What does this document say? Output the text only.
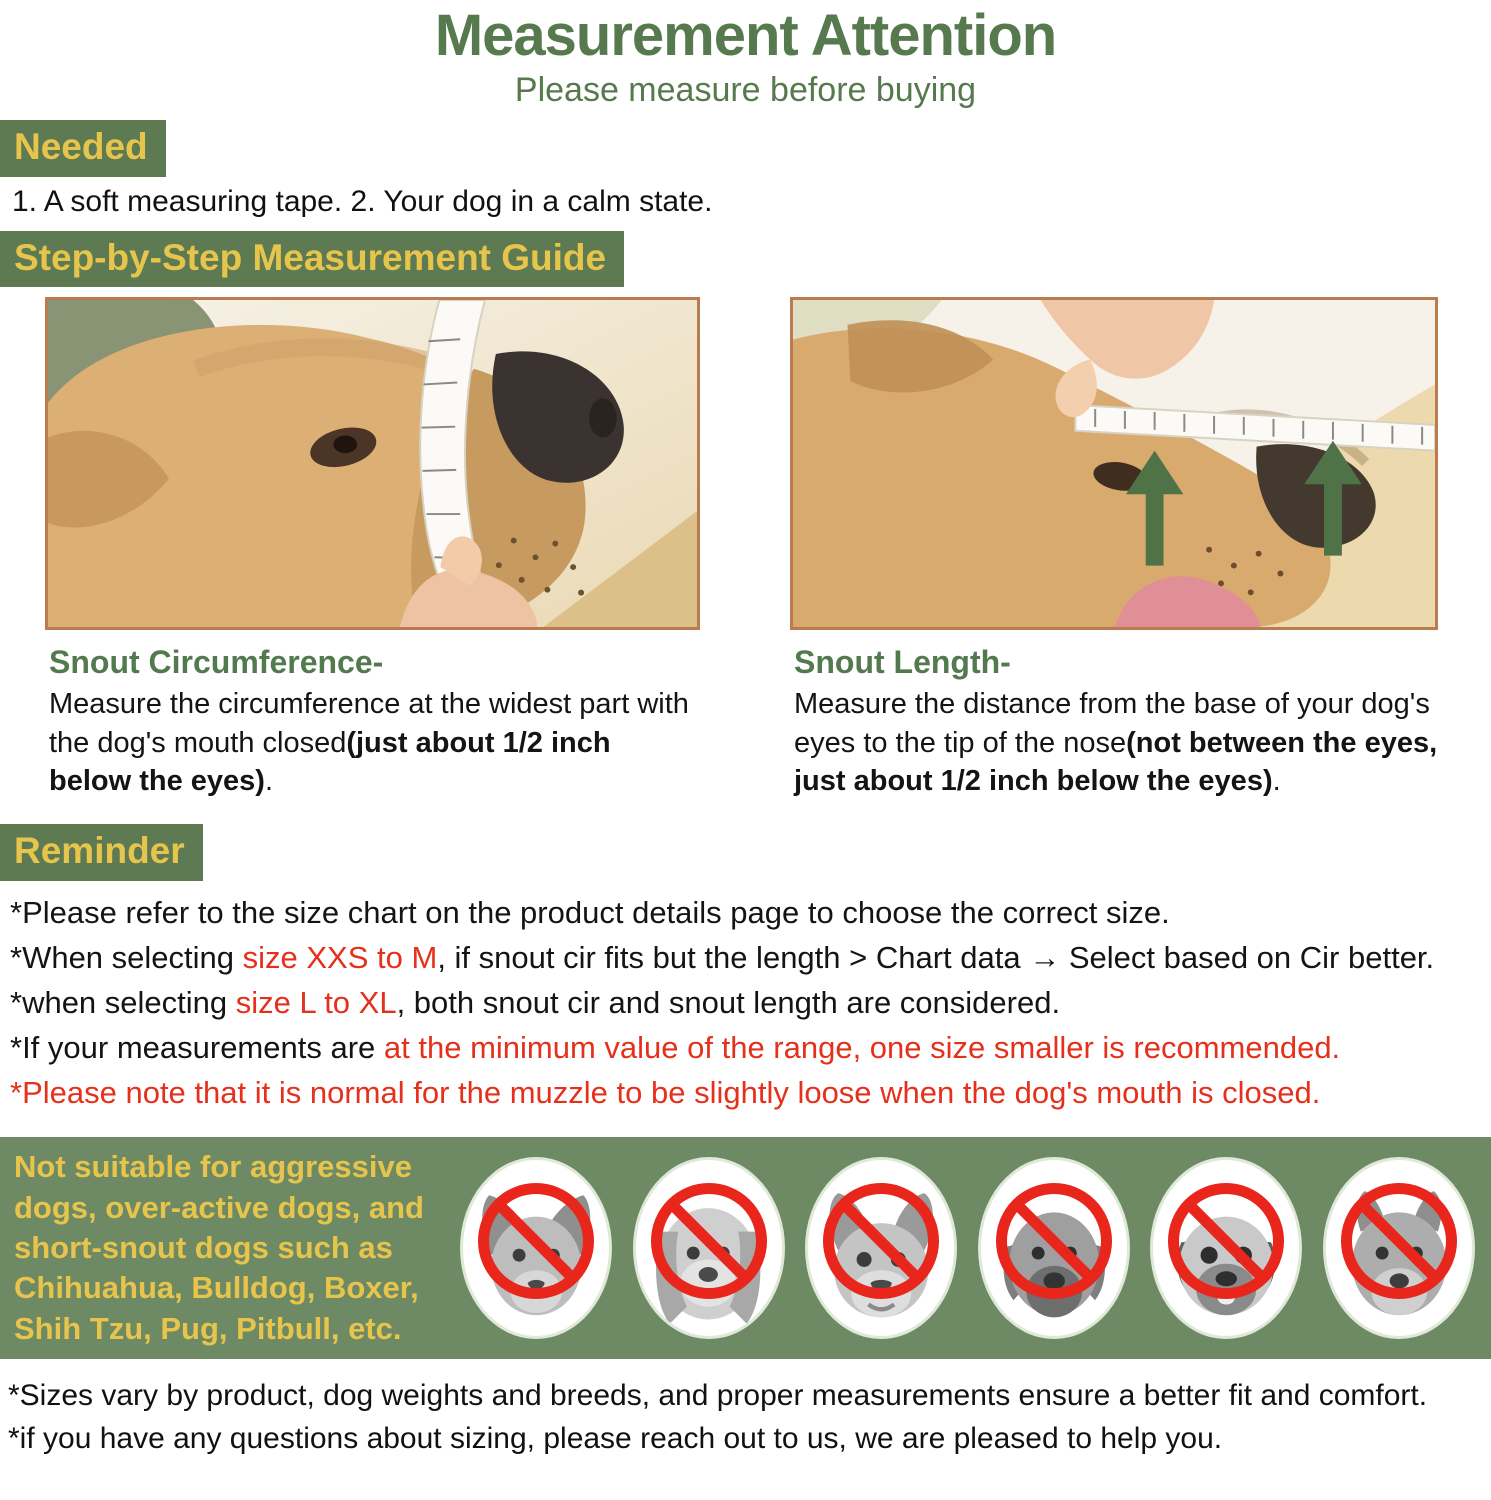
Measurement Attention
Please measure before buying
Needed
1. A soft measuring tape. 2. Your dog in a calm state.
Step-by-Step Measurement Guide
Snout Circumference-
Measure the circumference at the widest part with the dog's mouth closed(just about 1/2 inch below the eyes).
Snout Length-
Measure the distance from the base of your dog's eyes to the tip of the nose(not between the eyes, just about 1/2 inch below the eyes).
Reminder

*Please refer to the size chart on the product details page to choose the correct size.

*When selecting size XXS to M, if snout cir fits but the length > Chart data → Select based on Cir better.

*when selecting size L to XL, both snout cir and snout length are considered.

*If your measurements are at the minimum value of the range, one size smaller is recommended.

*Please note that it is normal for the muzzle to be slightly loose when the dog's mouth is closed.

Not suitable for aggressive dogs, over-active dogs, and short-snout dogs such as Chihuahua, Bulldog, Boxer, Shih Tzu, Pug, Pitbull, etc.

*Sizes vary by product, dog weights and breeds, and proper measurements ensure a better fit and comfort.

*if you have any questions about sizing, please reach out to us, we are pleased to help you.
